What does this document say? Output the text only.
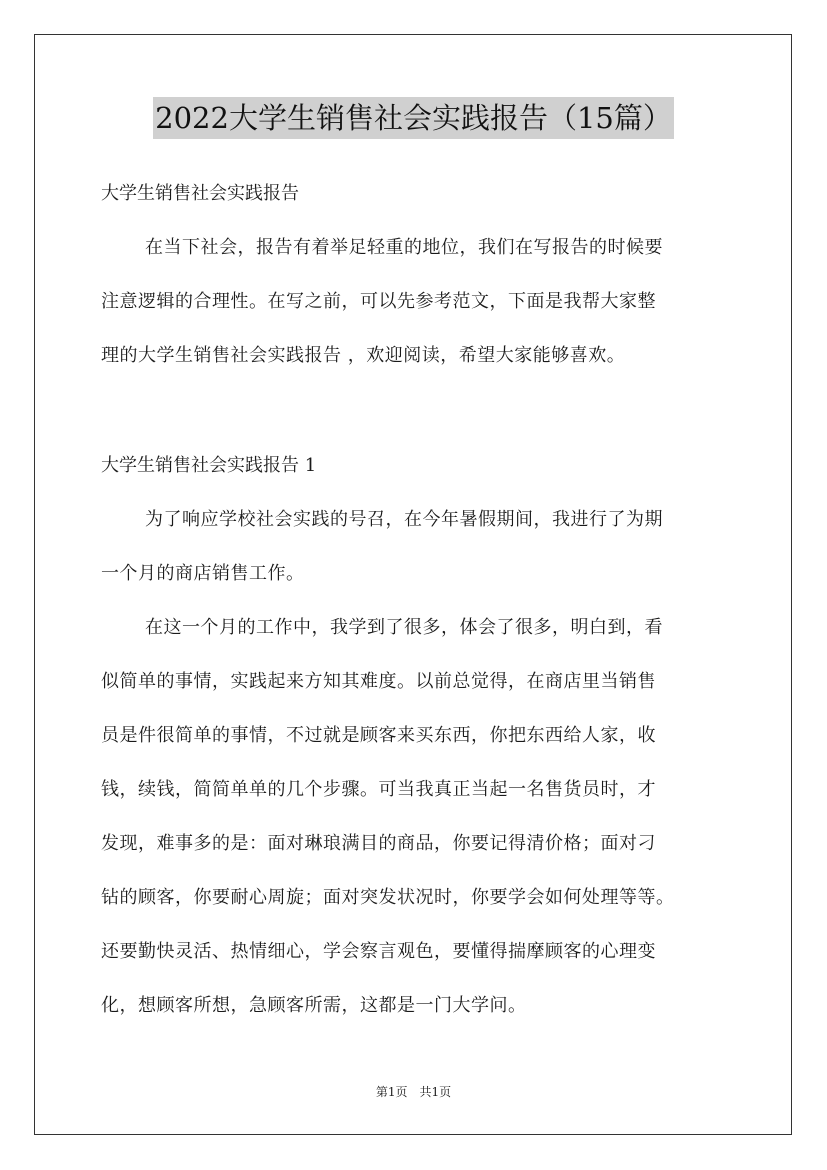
2022大学生销售社会实践报告（15篇）
大学生销售社会实践报告

在当下社会，报告有着举足轻重的地位，我们在写报告的时候要

注意逻辑的合理性。在写之前，可以先参考范文，下面是我帮大家整

理的大学生销售社会实践报告 ，欢迎阅读，希望大家能够喜欢。

大学生销售社会实践报告 1

为了响应学校社会实践的号召，在今年暑假期间，我进行了为期

一个月的商店销售工作。

在这一个月的工作中，我学到了很多，体会了很多，明白到，看

似简单的事情，实践起来方知其难度。以前总觉得，在商店里当销售

员是件很简单的事情，不过就是顾客来买东西，你把东西给人家，收

钱，续钱，简简单单的几个步骤。可当我真正当起一名售货员时，才

发现，难事多的是：面对琳琅满目的商品，你要记得清价格；面对刁

钻的顾客，你要耐心周旋；面对突发状况时，你要学会如何处理等等。

还要勤快灵活、热情细心，学会察言观色，要懂得揣摩顾客的心理变

化，想顾客所想，急顾客所需，这都是一门大学问。

第1页　共1页
